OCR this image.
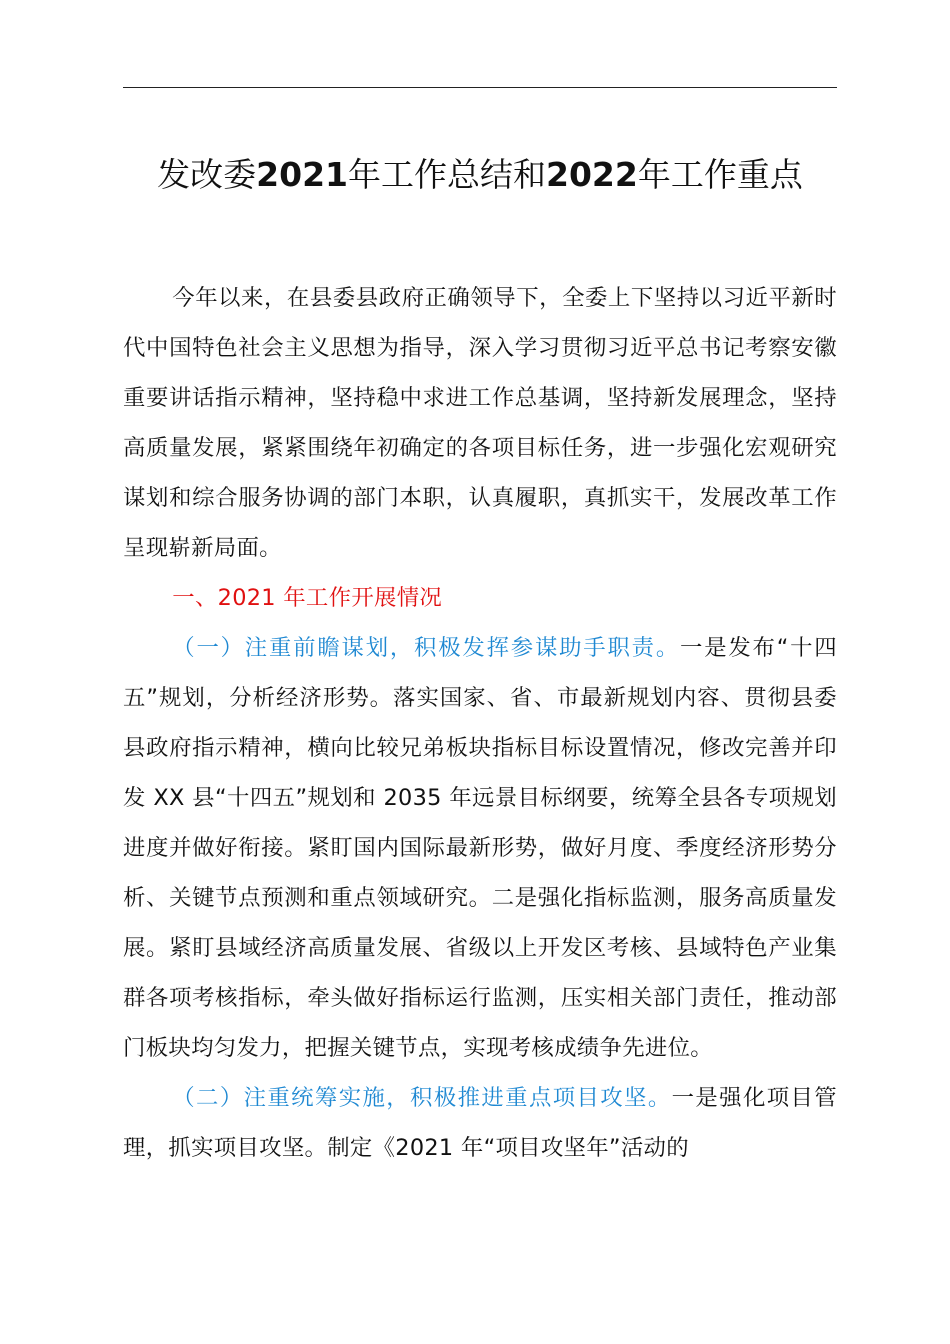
发改委2021年工作总结和2022年工作重点

今年以来，在县委县政府正确领导下，全委上下坚持以习近平新时代中国特色社会主义思想为指导，深入学习贯彻习近平总书记考察安徽重要讲话指示精神，坚持稳中求进工作总基调，坚持新发展理念，坚持高质量发展，紧紧围绕年初确定的各项目标任务，进一步强化宏观研究谋划和综合服务协调的部门本职，认真履职，真抓实干，发展改革工作呈现崭新局面。

一、2021 年工作开展情况

（一）注重前瞻谋划，积极发挥参谋助手职责。一是发布“十四五”规划，分析经济形势。落实国家、省、市最新规划内容、贯彻县委县政府指示精神，横向比较兄弟板块指标目标设置情况，修改完善并印发 XX 县“十四五”规划和 2035 年远景目标纲要，统筹全县各专项规划进度并做好衔接。紧盯国内国际最新形势，做好月度、季度经济形势分析、关键节点预测和重点领域研究。二是强化指标监测，服务高质量发展。紧盯县域经济高质量发展、省级以上开发区考核、县域特色产业集群各项考核指标，牵头做好指标运行监测，压实相关部门责任，推动部门板块均匀发力，把握关键节点，实现考核成绩争先进位。

（二）注重统筹实施，积极推进重点项目攻坚。一是强化项目管理，抓实项目攻坚。制定《2021 年“项目攻坚年”活动的
